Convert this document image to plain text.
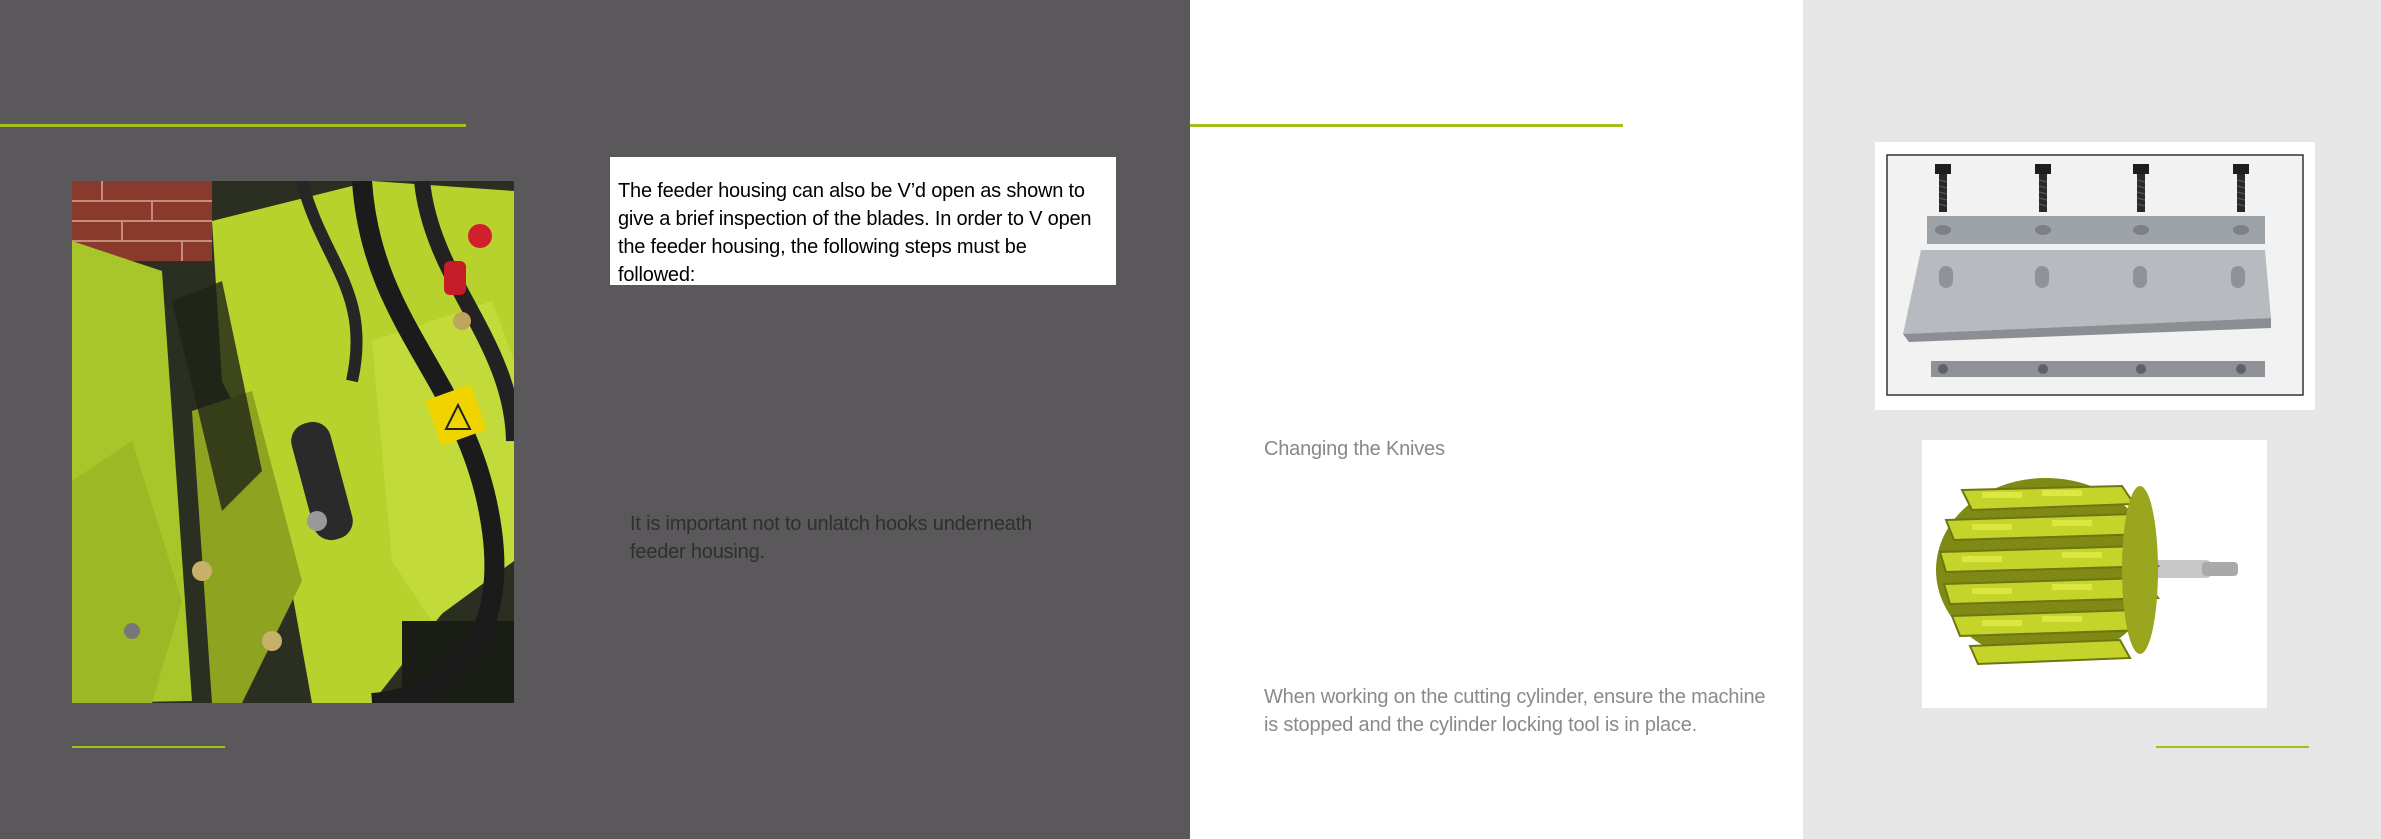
The feeder housing can also be V’d open as shown to
give a brief inspection of the blades. In order to V open
the feeder housing, the following steps must be followed:
It is important not to unlatch hooks underneath
feeder housing.
Changing the Knives
When working on the cutting cylinder, ensure the machine
is stopped and the cylinder locking tool is in place.
